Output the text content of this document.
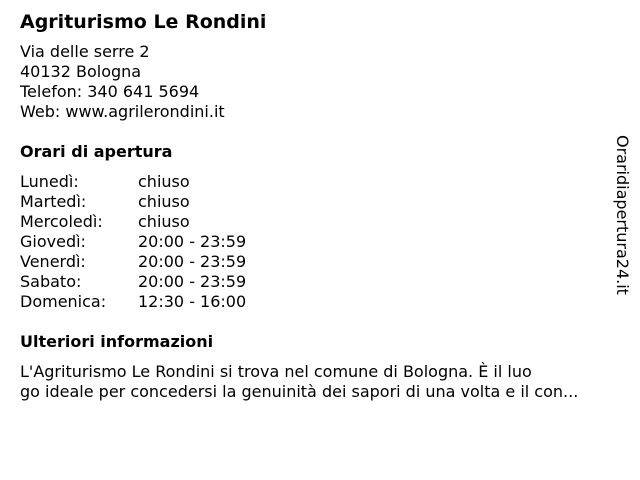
Agriturismo Le Rondini
Via delle serre 2
40132 Bologna
Telefon: 340 641 5694
Web: www.agrilerondini.it
Orari di apertura
Lunedì:	chiuso
Martedì:	chiuso
Mercoledì:	chiuso
Giovedì:	20:00 - 23:59
Venerdì:	20:00 - 23:59
Sabato:	20:00 - 23:59
Domenica:	12:30 - 16:00
Ulteriori informazioni
L'Agriturismo Le Rondini si trova nel comune di Bologna. È il luo
go ideale per concedersi la genuinità dei sapori di una volta e il con...
Oraridiapertura24.it
